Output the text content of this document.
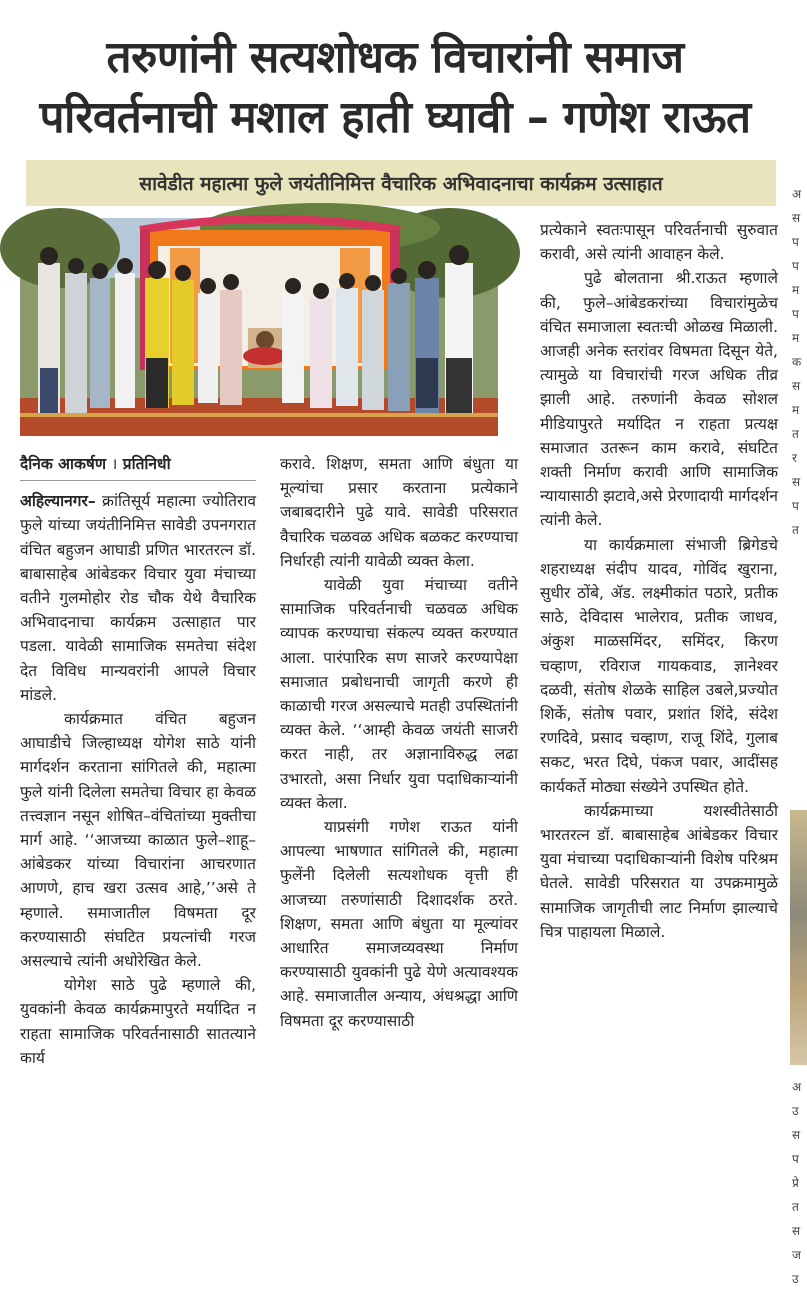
तरुणांनी सत्यशोधक विचारांनी समाज
परिवर्तनाची मशाल हाती घ्यावी – गणेश राऊत
सावेडीत महात्मा फुले जयंतीनिमित्त वैचारिक अभिवादनाचा कार्यक्रम उत्साहात

दैनिक आकर्षण । प्रतिनिधी

अहिल्यानगर– क्रांतिसूर्य महात्मा ज्योतिराव फुले यांच्या जयंतीनिमित्त सावेडी उपनगरात वंचित बहुजन आघाडी प्रणित भारतरत्न डॉ. बाबासाहेब आंबेडकर विचार युवा मंचाच्या वतीने गुलमोहोर रोड चौक येथे वैचारिक अभिवादनाचा कार्यक्रम उत्साहात पार पडला. यावेळी सामाजिक समतेचा संदेश देत विविध मान्यवरांनी आपले विचार मांडले.

कार्यक्रमात वंचित बहुजन आघाडीचे जिल्हाध्यक्ष योगेश साठे यांनी मार्गदर्शन करताना सांगितले की, महात्मा फुले यांनी दिलेला समतेचा विचार हा केवळ तत्त्वज्ञान नसून शोषित–वंचितांच्या मुक्तीचा मार्ग आहे. ‘‘आजच्या काळात फुले–शाहू–आंबेडकर यांच्या विचारांना आचरणात आणणे, हाच खरा उत्सव आहे,’’असे ते म्हणाले. समाजातील विषमता दूर करण्यासाठी संघटित प्रयत्नांची गरज असल्याचे त्यांनी अधोरेखित केले.

योगेश साठे पुढे म्हणाले की, युवकांनी केवळ कार्यक्रमापुरते मर्यादित न राहता सामाजिक परिवर्तनासाठी सातत्याने कार्य

करावे. शिक्षण, समता आणि बंधुता या मूल्यांचा प्रसार करताना प्रत्येकाने जबाबदारीने पुढे यावे. सावेडी परिसरात वैचारिक चळवळ अधिक बळकट करण्याचा निर्धारही त्यांनी यावेळी व्यक्त केला.

यावेळी युवा मंचाच्या वतीने सामाजिक परिवर्तनाची चळवळ अधिक व्यापक करण्याचा संकल्प व्यक्त करण्यात आला. पारंपारिक सण साजरे करण्यापेक्षा समाजात प्रबोधनाची जागृती करणे ही काळाची गरज असल्याचे मतही उपस्थितांनी व्यक्त केले. ‘‘आम्ही केवळ जयंती साजरी करत नाही, तर अज्ञानाविरुद्ध लढा उभारतो, असा निर्धार युवा पदाधिकाऱ्यांनी व्यक्त केला.

याप्रसंगी गणेश राऊत यांनी आपल्या भाषणात सांगितले की, महात्मा फुलेंनी दिलेली सत्यशोधक वृत्ती ही आजच्या तरुणांसाठी दिशादर्शक ठरते. शिक्षण, समता आणि बंधुता या मूल्यांवर आधारित समाजव्यवस्था निर्माण करण्यासाठी युवकांनी पुढे येणे अत्यावश्यक आहे. समाजातील अन्याय, अंधश्रद्धा आणि विषमता दूर करण्यासाठी

प्रत्येकाने स्वतःपासून परिवर्तनाची सुरुवात करावी, असे त्यांनी आवाहन केले.

पुढे बोलताना श्री.राऊत म्हणाले की, फुले–आंबेडकरांच्या विचारांमुळेच वंचित समाजाला स्वतःची ओळख मिळाली. आजही अनेक स्तरांवर विषमता दिसून येते, त्यामुळे या विचारांची गरज अधिक तीव्र झाली आहे. तरुणांनी केवळ सोशल मीडियापुरते मर्यादित न राहता प्रत्यक्ष समाजात उतरून काम करावे, संघटित शक्ती निर्माण करावी आणि सामाजिक न्यायासाठी झटावे,असे प्रेरणादायी मार्गदर्शन त्यांनी केले.

या कार्यक्रमाला संभाजी ब्रिगेडचे शहराध्यक्ष संदीप यादव, गोविंद खुराना, सुधीर ठोंबे, ॲड. लक्ष्मीकांत पठारे, प्रतीक साठे, देविदास भालेराव, प्रतीक जाधव, अंकुश माळसमिंदर, समिंदर, किरण चव्हाण, रविराज गायकवाड, ज्ञानेश्वर दळवी, संतोष शेळके साहिल उबले,प्रज्योत शिर्के, संतोष पवार, प्रशांत शिंदे, संदेश रणदिवे, प्रसाद चव्हाण, राजू शिंदे, गुलाब सकट, भरत दिघे, पंकज पवार, आदींसह कार्यकर्ते मोठ्या संख्येने उपस्थित होते.

कार्यक्रमाच्या यशस्वीतेसाठी भारतरत्न डॉ. बाबासाहेब आंबेडकर विचार युवा मंचाच्या पदाधिकाऱ्यांनी विशेष परिश्रम घेतले. सावेडी परिसरात या उपक्रमामुळे सामाजिक जागृतीची लाट निर्माण झाल्याचे चित्र पाहायला मिळाले.

अ
स
प
प
म
प
म
क
स
म
त
र
स
प
त
अ
उ
स
प
प्रे
त
स
ज
उ
